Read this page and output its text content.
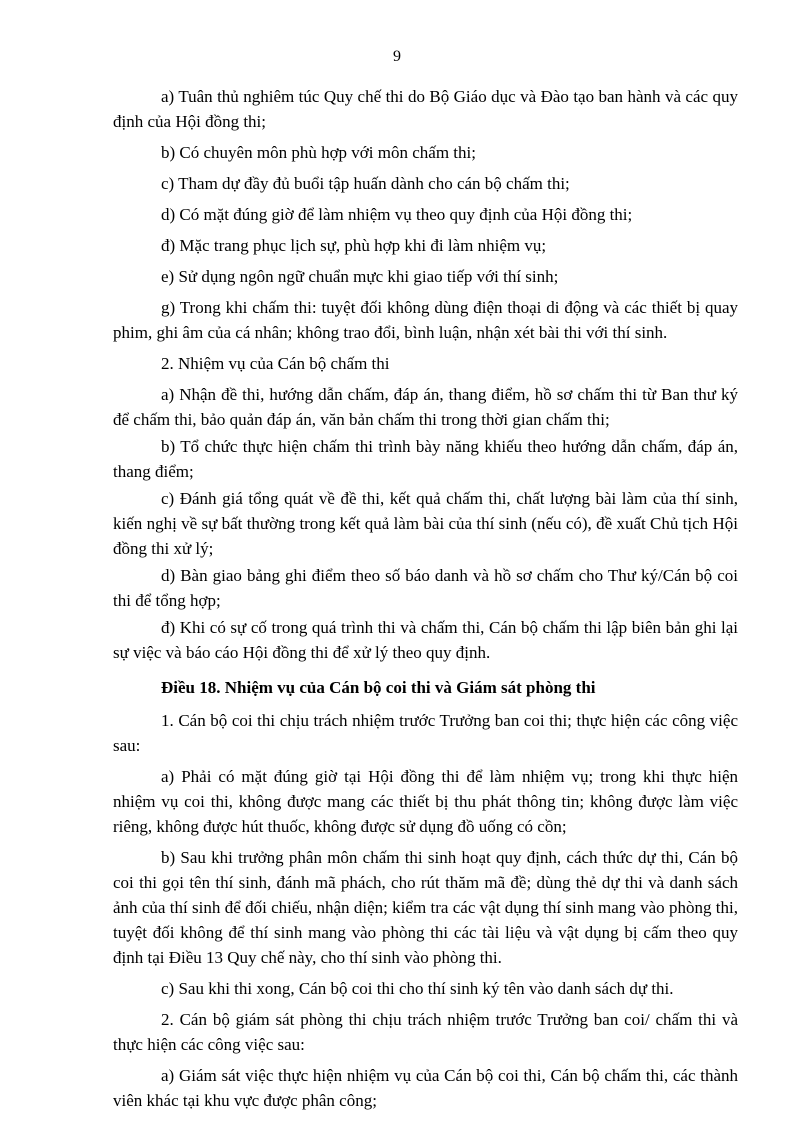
9

a) Tuân thủ nghiêm túc Quy chế thi do Bộ Giáo dục và Đào tạo ban hành và các quy định của Hội đồng thi;

b) Có chuyên môn phù hợp với môn chấm thi;

c) Tham dự đầy đủ buổi tập huấn dành cho cán bộ chấm thi;

d) Có mặt đúng giờ để làm nhiệm vụ theo quy định của Hội đồng thi;

đ) Mặc trang phục lịch sự, phù hợp khi đi làm nhiệm vụ;

e) Sử dụng ngôn ngữ chuẩn mực khi giao tiếp với thí sinh;

g) Trong khi chấm thi: tuyệt đối không dùng điện thoại di động và các thiết bị quay phim, ghi âm của cá nhân; không trao đổi, bình luận, nhận xét bài thi với thí sinh.

2. Nhiệm vụ của Cán bộ chấm thi

a) Nhận đề thi, hướng dẫn chấm, đáp án, thang điểm, hồ sơ chấm thi từ Ban thư ký để chấm thi, bảo quản đáp án, văn bản chấm thi trong thời gian chấm thi;

b) Tổ chức thực hiện chấm thi trình bày năng khiếu theo hướng dẫn chấm, đáp án, thang điểm;

c) Đánh giá tổng quát về đề thi, kết quả chấm thi, chất lượng bài làm của thí sinh, kiến nghị về sự bất thường trong kết quả làm bài của thí sinh (nếu có), đề xuất Chủ tịch Hội đồng thi xử lý;

d) Bàn giao bảng ghi điểm theo số báo danh và hồ sơ chấm cho Thư ký/Cán bộ coi thi để tổng hợp;

đ) Khi có sự cố trong quá trình thi và chấm thi, Cán bộ chấm thi lập biên bản ghi lại sự việc và báo cáo Hội đồng thi để xử lý theo quy định.

Điều 18. Nhiệm vụ của Cán bộ coi thi và Giám sát phòng thi

1. Cán bộ coi thi chịu trách nhiệm trước Trưởng ban coi thi; thực hiện các công việc sau:

a) Phải có mặt đúng giờ tại Hội đồng thi để làm nhiệm vụ; trong khi thực hiện nhiệm vụ coi thi, không được mang các thiết bị thu phát thông tin; không được làm việc riêng, không được hút thuốc, không được sử dụng đồ uống có cồn;

b) Sau khi trưởng phân môn chấm thi sinh hoạt quy định, cách thức dự thi, Cán bộ coi thi gọi tên thí sinh, đánh mã phách, cho rút thăm mã đề; dùng thẻ dự thi và danh sách ảnh của thí sinh để đối chiếu, nhận diện; kiểm tra các vật dụng thí sinh mang vào phòng thi, tuyệt đối không để thí sinh mang vào phòng thi các tài liệu và vật dụng bị cấm theo quy định tại Điều 13 Quy chế này, cho thí sinh vào phòng thi.

c) Sau khi thi xong, Cán bộ coi thi cho thí sinh ký tên vào danh sách dự thi.

2. Cán bộ giám sát phòng thi chịu trách nhiệm trước Trưởng ban coi/ chấm thi và thực hiện các công việc sau:

a) Giám sát việc thực hiện nhiệm vụ của Cán bộ coi thi, Cán bộ chấm thi, các thành viên khác tại khu vực được phân công;
